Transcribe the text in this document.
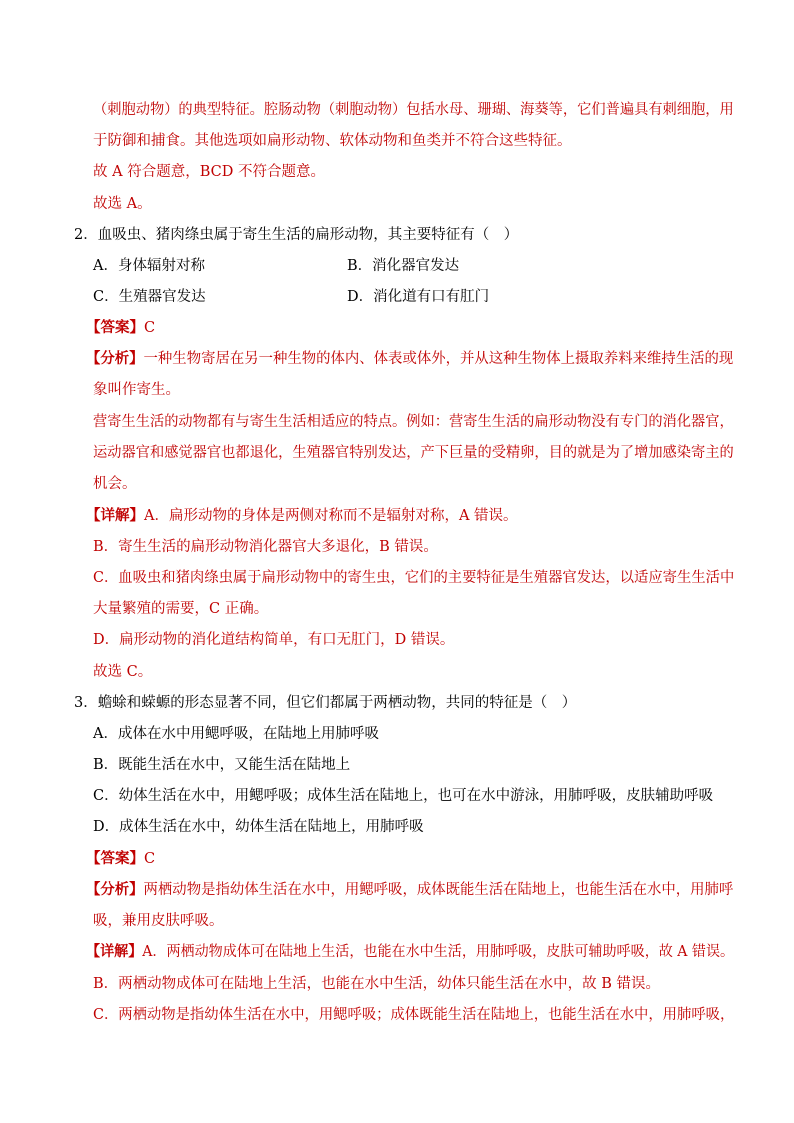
（刺胞动物）的典型特征。腔肠动物（刺胞动物）包括水母、珊瑚、海葵等，它们普遍具有刺细胞，用
于防御和捕食。其他选项如扁形动物、软体动物和鱼类并不符合这些特征。
故 A 符合题意，BCD 不符合题意。
故选 A。
2．血吸虫、猪肉绦虫属于寄生生活的扁形动物，其主要特征有（　）
A．身体辐射对称	B．消化器官发达
C．生殖器官发达	D．消化道有口有肛门
【答案】C
【分析】一种生物寄居在另一种生物的体内、体表或体外，并从这种生物体上摄取养料来维持生活的现
象叫作寄生。
营寄生生活的动物都有与寄生生活相适应的特点。例如：营寄生生活的扁形动物没有专门的消化器官，
运动器官和感觉器官也都退化，生殖器官特别发达，产下巨量的受精卵，目的就是为了增加感染寄主的
机会。
【详解】A．扁形动物的身体是两侧对称而不是辐射对称，A 错误。
B．寄生生活的扁形动物消化器官大多退化，B 错误。
C．血吸虫和猪肉绦虫属于扁形动物中的寄生虫，它们的主要特征是生殖器官发达，以适应寄生生活中
大量繁殖的需要，C 正确。
D．扁形动物的消化道结构简单，有口无肛门，D 错误。
故选 C。
3．蟾蜍和蝾螈的形态显著不同，但它们都属于两栖动物，共同的特征是（　）
A．成体在水中用鳃呼吸，在陆地上用肺呼吸
B．既能生活在水中，又能生活在陆地上
C．幼体生活在水中，用鳃呼吸；成体生活在陆地上，也可在水中游泳，用肺呼吸，皮肤辅助呼吸
D．成体生活在水中，幼体生活在陆地上，用肺呼吸
【答案】C
【分析】两栖动物是指幼体生活在水中，用鳃呼吸，成体既能生活在陆地上，也能生活在水中，用肺呼
吸，兼用皮肤呼吸。
【详解】A．两栖动物成体可在陆地上生活，也能在水中生活，用肺呼吸，皮肤可辅助呼吸，故 A 错误。
B．两栖动物成体可在陆地上生活，也能在水中生活，幼体只能生活在水中，故 B 错误。
C．两栖动物是指幼体生活在水中，用鳃呼吸；成体既能生活在陆地上，也能生活在水中，用肺呼吸，
